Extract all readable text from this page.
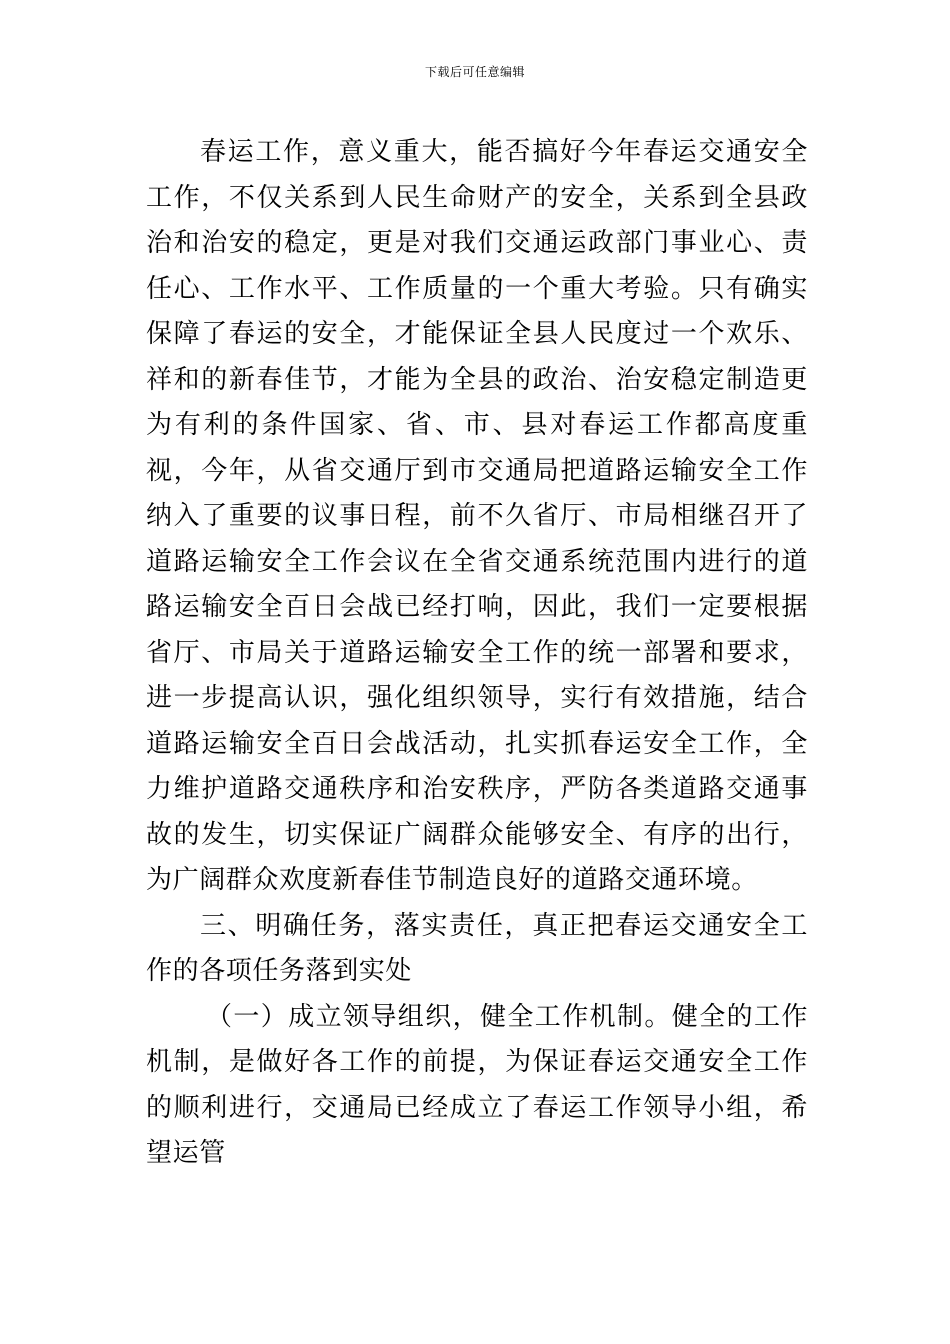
下载后可任意编辑

春运工作，意义重大，能否搞好今年春运交通安全工作，不仅关系到人民生命财产的安全，关系到全县政治和治安的稳定，更是对我们交通运政部门事业心、责任心、工作水平、工作质量的一个重大考验。只有确实保障了春运的安全，才能保证全县人民度过一个欢乐、祥和的新春佳节，才能为全县的政治、治安稳定制造更为有利的条件国家、省、市、县对春运工作都高度重视，今年，从省交通厅到市交通局把道路运输安全工作纳入了重要的议事日程，前不久省厅、市局相继召开了道路运输安全工作会议在全省交通系统范围内进行的道路运输安全百日会战已经打响，因此，我们一定要根据省厅、市局关于道路运输安全工作的统一部署和要求，进一步提高认识，强化组织领导，实行有效措施，结合道路运输安全百日会战活动，扎实抓春运安全工作，全力维护道路交通秩序和治安秩序，严防各类道路交通事故的发生，切实保证广阔群众能够安全、有序的出行，为广阔群众欢度新春佳节制造良好的道路交通环境。

三、明确任务，落实责任，真正把春运交通安全工作的各项任务落到实处

（一）成立领导组织，健全工作机制。健全的工作机制，是做好各工作的前提，为保证春运交通安全工作的顺利进行，交通局已经成立了春运工作领导小组，希望运管
